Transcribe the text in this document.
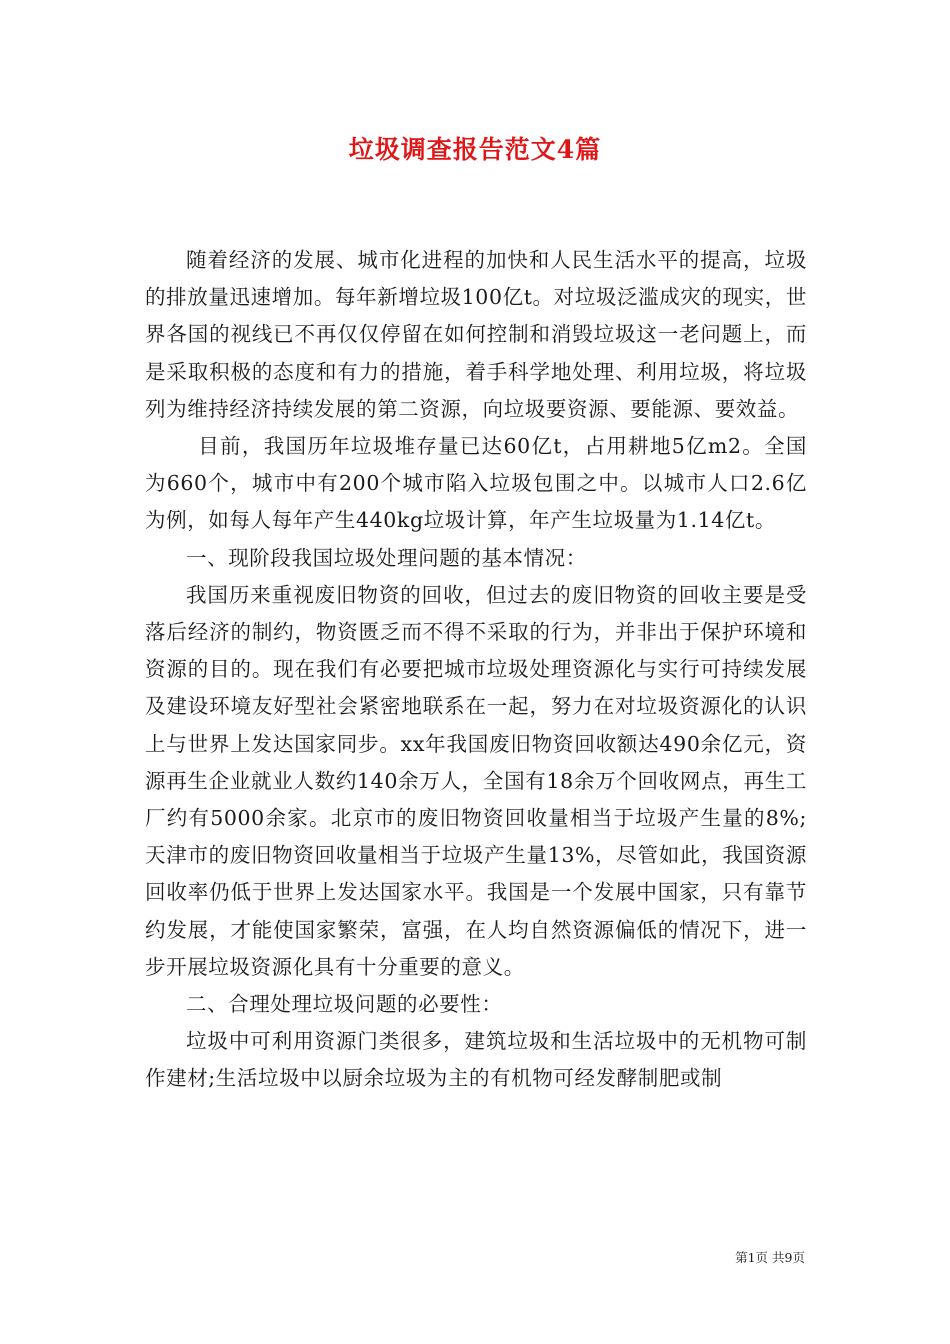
垃圾调查报告范文4篇

随着经济的发展、城市化进程的加快和人民生活水平的提高，垃圾的排放量迅速增加。每年新增垃圾100亿t。对垃圾泛滥成灾的现实，世界各国的视线已不再仅仅停留在如何控制和消毁垃圾这一老问题上，而是采取积极的态度和有力的措施，着手科学地处理、利用垃圾，将垃圾列为维持经济持续发展的第二资源，向垃圾要资源、要能源、要效益。

目前，我国历年垃圾堆存量已达60亿t，占用耕地5亿m2。全国为660个，城市中有200个城市陷入垃圾包围之中。以城市人口2.6亿为例，如每人每年产生440kg垃圾计算，年产生垃圾量为1.14亿t。

一、现阶段我国垃圾处理问题的基本情况：

我国历来重视废旧物资的回收，但过去的废旧物资的回收主要是受落后经济的制约，物资匮乏而不得不采取的行为，并非出于保护环境和资源的目的。现在我们有必要把城市垃圾处理资源化与实行可持续发展及建设环境友好型社会紧密地联系在一起，努力在对垃圾资源化的认识上与世界上发达国家同步。xx年我国废旧物资回收额达490余亿元，资源再生企业就业人数约140余万人，全国有18余万个回收网点，再生工厂约有5000余家。北京市的废旧物资回收量相当于垃圾产生量的8%;天津市的废旧物资回收量相当于垃圾产生量13%，尽管如此，我国资源回收率仍低于世界上发达国家水平。我国是一个发展中国家，只有靠节约发展，才能使国家繁荣，富强，在人均自然资源偏低的情况下，进一步开展垃圾资源化具有十分重要的意义。

二、合理处理垃圾问题的必要性：

垃圾中可利用资源门类很多，建筑垃圾和生活垃圾中的无机物可制作建材;生活垃圾中以厨余垃圾为主的有机物可经发酵制肥或制

第1页 共9页
